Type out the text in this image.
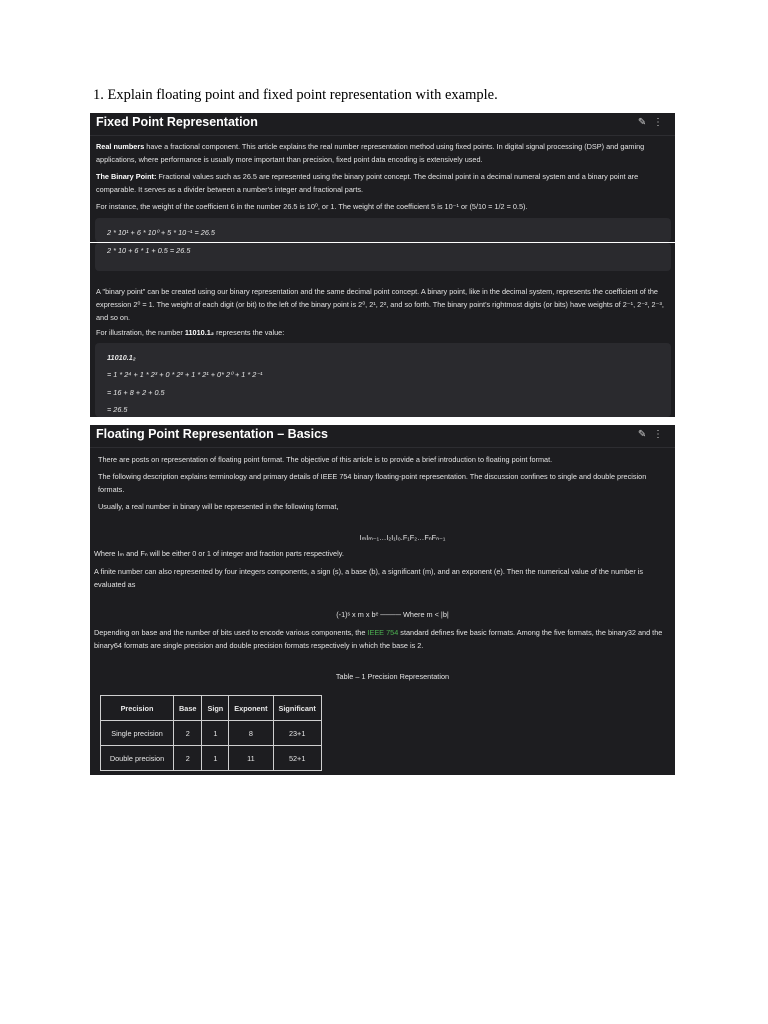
1. Explain floating point and fixed point representation with example.
Fixed Point Representation	✎ ⋮
Real numbers have a fractional component. This article explains the real number representation method using fixed points. In digital signal processing (DSP) and gaming applications, where performance is usually more important than precision, fixed point data encoding is extensively used.
The Binary Point: Fractional values such as 26.5 are represented using the binary point concept. The decimal point in a decimal numeral system and a binary point are comparable. It serves as a divider between a number's integer and fractional parts.
For instance, the weight of the coefficient 6 in the number 26.5 is 10⁰, or 1. The weight of the coefficient 5 is 10⁻¹ or (5/10 = 1/2 = 0.5).
2 * 10¹ + 6 * 10⁰ + 5 * 10⁻¹ = 26.5
2 * 10 + 6 * 1 + 0.5 = 26.5
A "binary point" can be created using our binary representation and the same decimal point concept. A binary point, like in the decimal system, represents the coefficient of the expression 2⁰ = 1. The weight of each digit (or bit) to the left of the binary point is 2⁰, 2¹, 2², and so forth. The binary point's rightmost digits (or bits) have weights of 2⁻¹, 2⁻², 2⁻³, and so on.
For illustration, the number 11010.1₂ represents the value:
11010.1₂
= 1 * 2⁴ + 1 * 2³ + 0 * 2² + 1 * 2¹ + 0* 2⁰ + 1 * 2⁻¹
= 16 + 8 + 2 + 0.5
= 26.5
Floating Point Representation – Basics	✎ ⋮
There are posts on representation of floating point format. The objective of this article is to provide a brief introduction to floating point format.
The following description explains terminology and primary details of IEEE 754 binary floating-point representation. The discussion confines to single and double precision formats.
Usually, a real number in binary will be represented in the following format,
IₘIₘ₋₁…I₂I₁I₀.F₁F₂…FₙFₙ₋₁
Where Iₘ and Fₙ will be either 0 or 1 of integer and fraction parts respectively.
A finite number can also represented by four integers components, a sign (s), a base (b), a significant (m), and an exponent (e). Then the numerical value of the number is evaluated as
(-1)ˢ x m x bᵉ ──── Where m < |b|
Depending on base and the number of bits used to encode various components, the IEEE 754 standard defines five basic formats. Among the five formats, the binary32 and the binary64 formats are single precision and double precision formats respectively in which the base is 2.
Table – 1 Precision Representation
Precision	Base	Sign	Exponent	Significant
Single precision	2	1	8	23+1
Double precision	2	1	11	52+1
